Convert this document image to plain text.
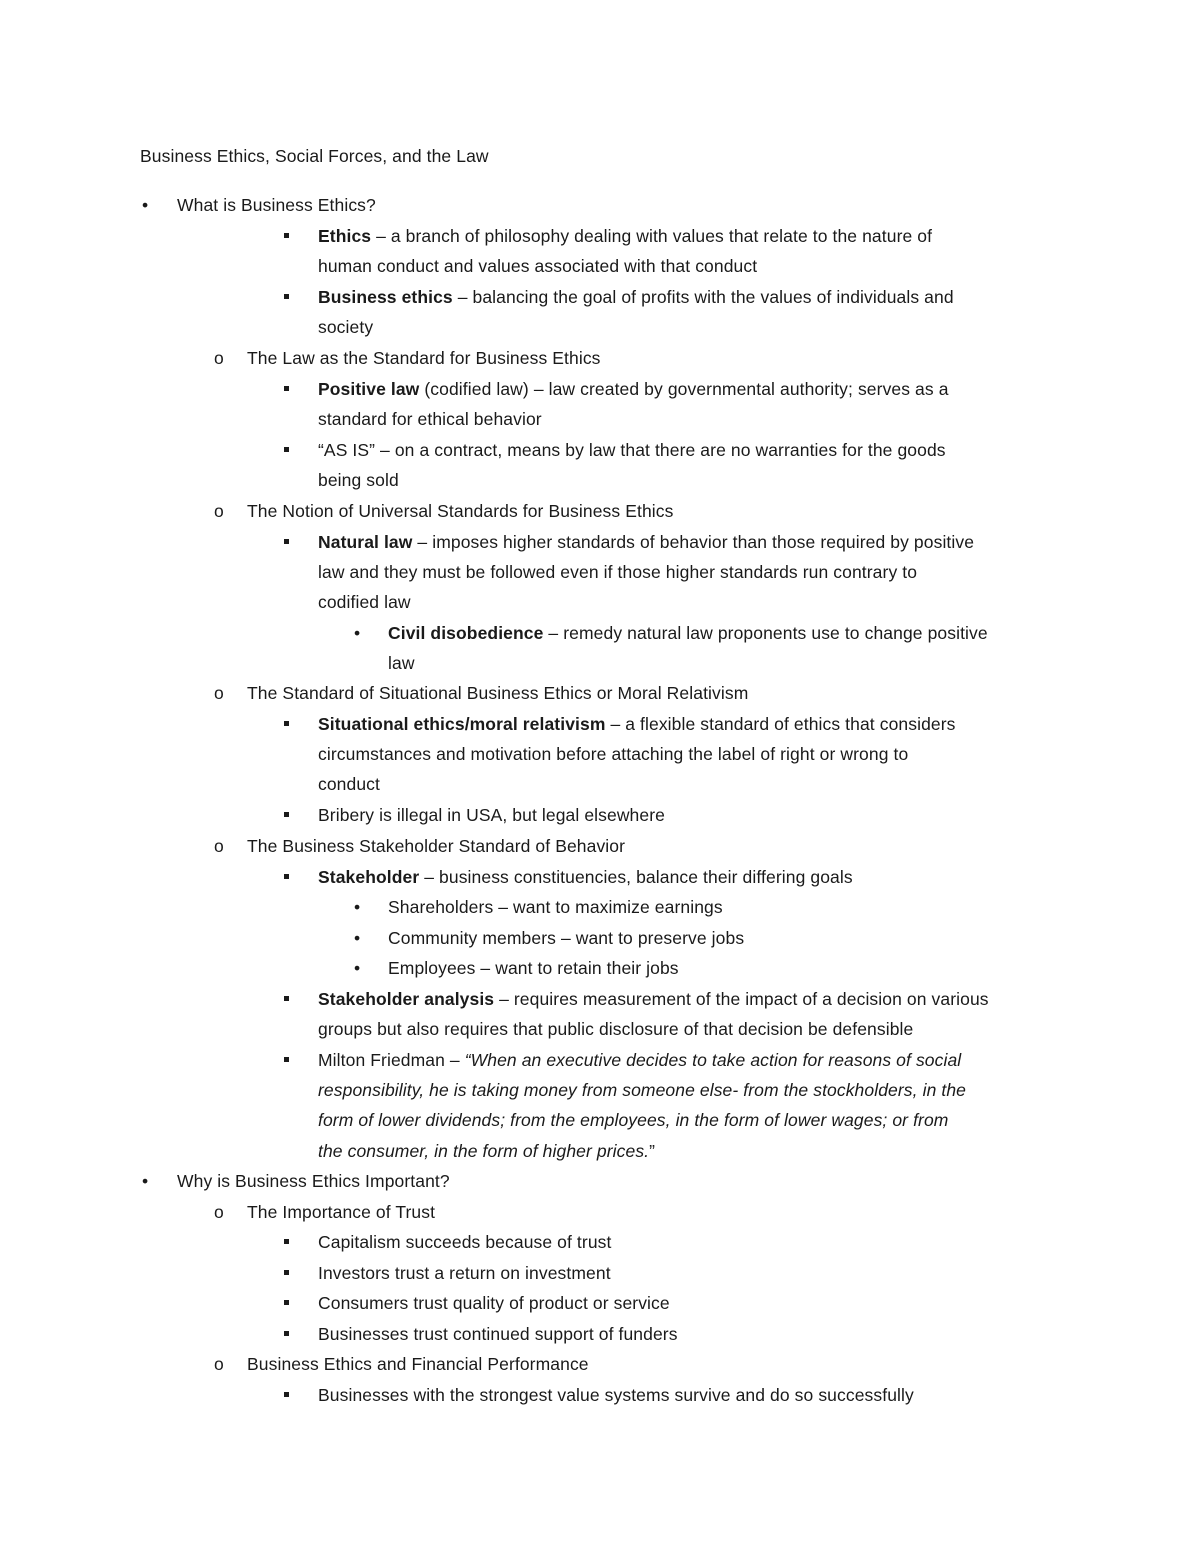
Business Ethics, Social Forces, and the Law
•
What is Business Ethics?
Ethics – a branch of philosophy dealing with values that relate to the nature of
human conduct and values associated with that conduct
Business ethics – balancing the goal of profits with the values of individuals and
society
o The Law as the Standard for Business Ethics
Positive law (codified law) – law created by governmental authority; serves as a
standard for ethical behavior
“AS IS” – on a contract, means by law that there are no warranties for the goods
being sold
o The Notion of Universal Standards for Business Ethics
Natural law – imposes higher standards of behavior than those required by positive
law and they must be followed even if those higher standards run contrary to
codified law
•
Civil disobedience – remedy natural law proponents use to change positive
law
o The Standard of Situational Business Ethics or Moral Relativism
Situational ethics/moral relativism – a flexible standard of ethics that considers
circumstances and motivation before attaching the label of right or wrong to
conduct
Bribery is illegal in USA, but legal elsewhere
o The Business Stakeholder Standard of Behavior
Stakeholder – business constituencies, balance their differing goals
•
Shareholders – want to maximize earnings
•
Community members – want to preserve jobs
•
Employees – want to retain their jobs
Stakeholder analysis – requires measurement of the impact of a decision on various
groups but also requires that public disclosure of that decision be defensible
Milton Friedman – “When an executive decides to take action for reasons of social
responsibility, he is taking money from someone else- from the stockholders, in the
form of lower dividends; from the employees, in the form of lower wages; or from
the consumer, in the form of higher prices.”
•
Why is Business Ethics Important?
o The Importance of Trust
Capitalism succeeds because of trust
Investors trust a return on investment
Consumers trust quality of product or service
Businesses trust continued support of funders
o Business Ethics and Financial Performance
Businesses with the strongest value systems survive and do so successfully
